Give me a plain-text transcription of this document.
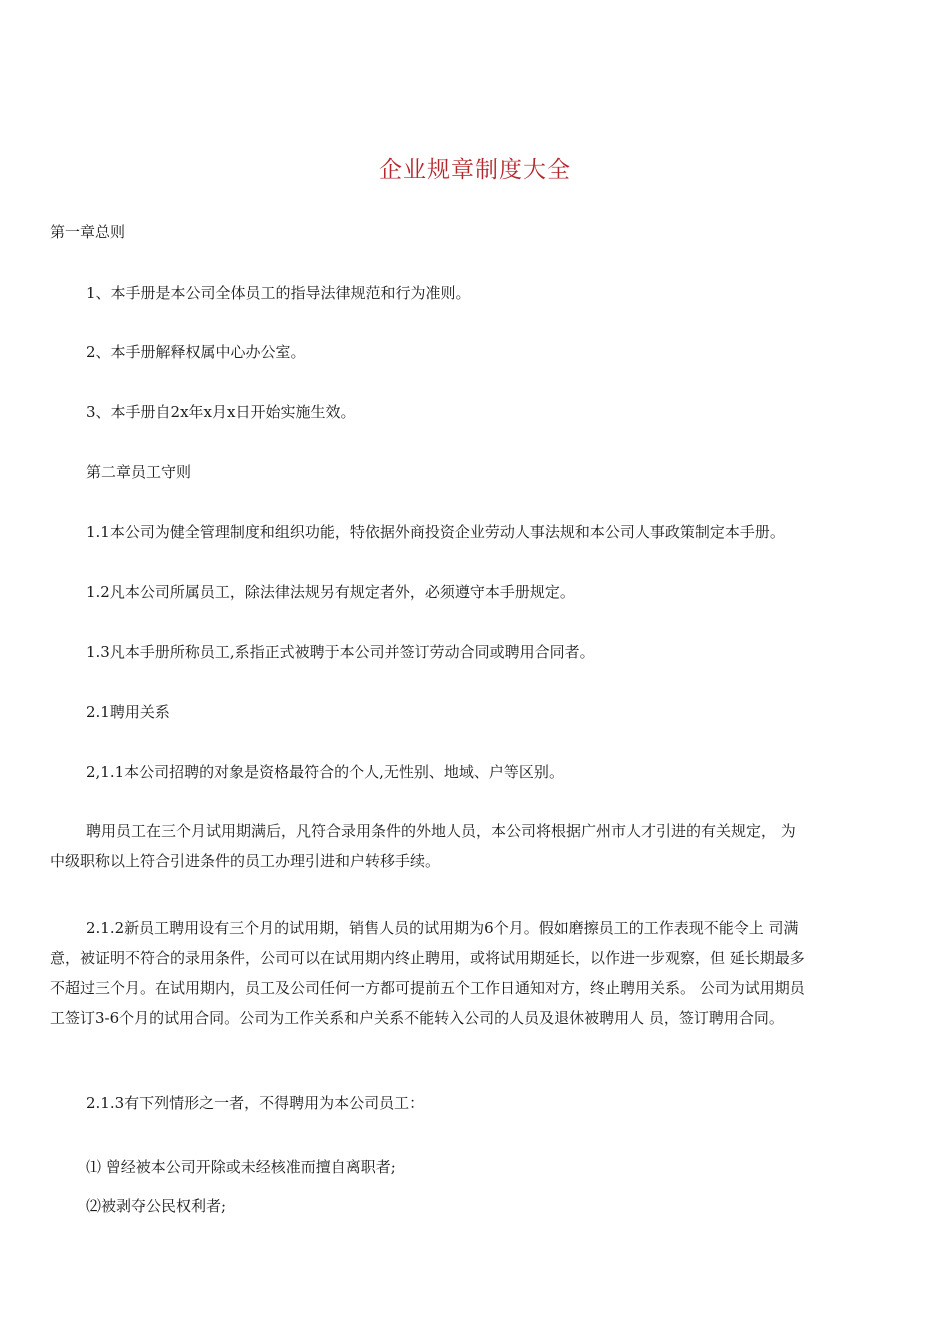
企业规章制度大全
第一章总则
1、本手册是本公司全体员工的指导法律规范和行为准则。
2、本手册解释权属中心办公室。
3、本手册自2x年x月x日开始实施生效。
第二章员工守则
1.1本公司为健全管理制度和组织功能，特依据外商投资企业劳动人事法规和本公司人事政策制定本手册。
1.2凡本公司所属员工，除法律法规另有规定者外，必须遵守本手册规定。
1.3凡本手册所称员工,系指正式被聘于本公司并签订劳动合同或聘用合同者。
2.1聘用关系
2,1.1本公司招聘的对象是资格最符合的个人,无性别、地域、户等区别。
聘用员工在三个月试用期满后，凡符合录用条件的外地人员，本公司将根据广州市人才引进的有关规定， 为
中级职称以上符合引进条件的员工办理引进和户转移手续。
2.1.2新员工聘用设有三个月的试用期，销售人员的试用期为6个月。假如磨擦员工的工作表现不能令上 司满
意，被证明不符合的录用条件，公司可以在试用期内终止聘用，或将试用期延长，以作进一步观察，但 延长期最多
不超过三个月。在试用期内，员工及公司任何一方都可提前五个工作日通知对方，终止聘用关系。 公司为试用期员
工签订3-6个月的试用合同。公司为工作关系和户关系不能转入公司的人员及退休被聘用人 员，签订聘用合同。
2.1.3有下列情形之一者，不得聘用为本公司员工：
⑴ 曾经被本公司开除或未经核准而擅自离职者;
⑵被剥夺公民权利者;
